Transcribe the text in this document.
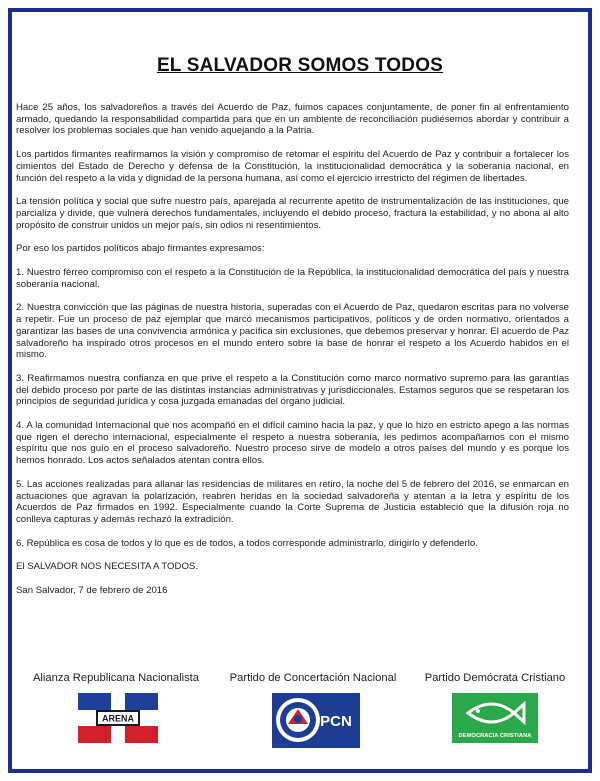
EL SALVADOR SOMOS TODOS

Hace 25 años, los salvadoreños a través del Acuerdo de Paz, fuimos capaces conjuntamente, de poner fin al enfrentamiento armado, quedando la responsabilidad compartida para que en un ambiente de reconciliación pudiésemos abordar y contribuir a resolver los problemas sociales que han venido aquejando a la Patria.

Los partidos firmantes reafirmamos la visión y compromiso de retomar el espíritu del Acuerdo de Paz y contribuir a fortalecer los cimientos del Estado de Derecho y defensa de la Constitución, la institucionalidad democrática y la soberanía nacional, en función del respeto a la vida y dignidad de la persona humana, así como el ejercicio irrestricto del régimen de libertades.

La tensión política y social que sufre nuestro país, aparejada al recurrente apetito de instrumentalización de las instituciones, que parcializa y divide, que vulnera derechos fundamentales, incluyendo el debido proceso, fractura la estabilidad, y no abona al alto propósito de construir unidos un mejor país, sin odios ni resentimientos.

Por eso los partidos políticos abajo firmantes expresamos:

1. Nuestro férreo compromiso con el respeto a la Constitución de la República, la institucionalidad democrática del país y nuestra soberanía nacional.

2. Nuestra convicción que las páginas de nuestra historia, superadas con el Acuerdo de Paz, quedaron escritas para no volverse a repetir. Fue un proceso de paz ejemplar que marcó mecanismos participativos, políticos y de orden normativo, orientados a garantizar las bases de una convivencia armónica y pacífica sin exclusiones, que debemos preservar y honrar. El acuerdo de Paz salvadoreño ha inspirado otros procesos en el mundo entero sobre la base de honrar el respeto a los Acuerdo habidos en el mismo.

3. Reafirmamos nuestra confianza en que prive el respeto a la Constitución como marco normativo supremo para las garantías del debido proceso por parte de las distintas instancias administrativas y jurisdiccionales. Estamos seguros que se respetaran los principios de seguridad jurídica y cosa juzgada emanadas del órgano judicial.

4. A la comunidad Internacional que nos acompañó en el difícil camino hacia la paz, y que lo hizo en estricto apego a las normas que rigen el derecho internacional, especialmente el respeto a nuestra soberanía, les pedimos acompañarnos con el mismo espíritu que nos guío en el proceso salvadoreño. Nuestro proceso sirve de modelo a otros países del mundo y es porque los hemos honrado. Los actos señalados atentan contra ellos.

5. Las acciones realizadas para allanar las residencias de militares en retiro, la noche del 5 de febrero del 2016, se enmarcan en actuaciones que agravan la polarización, reabren heridas en la sociedad salvadoreña y atentan a la letra y espíritu de los Acuerdos de Paz firmados en 1992. Especialmente cuando la Corte Suprema de Justicia estableció que la difusión roja no conlleva capturas y además rechazó la extradición.

6. República es cosa de todos y lo que es de todos, a todos corresponde administrarlo, dirigirlo y defenderlo.

El SALVADOR NOS NECESITA A TODOS.

San Salvador, 7 de febrero de 2016

Alianza Republicana Nacionalista	Partido de Concertación Nacional	Partido Demócrata Cristiano
ARENA	PCN
DEMOCRACIA CRISTIANA
